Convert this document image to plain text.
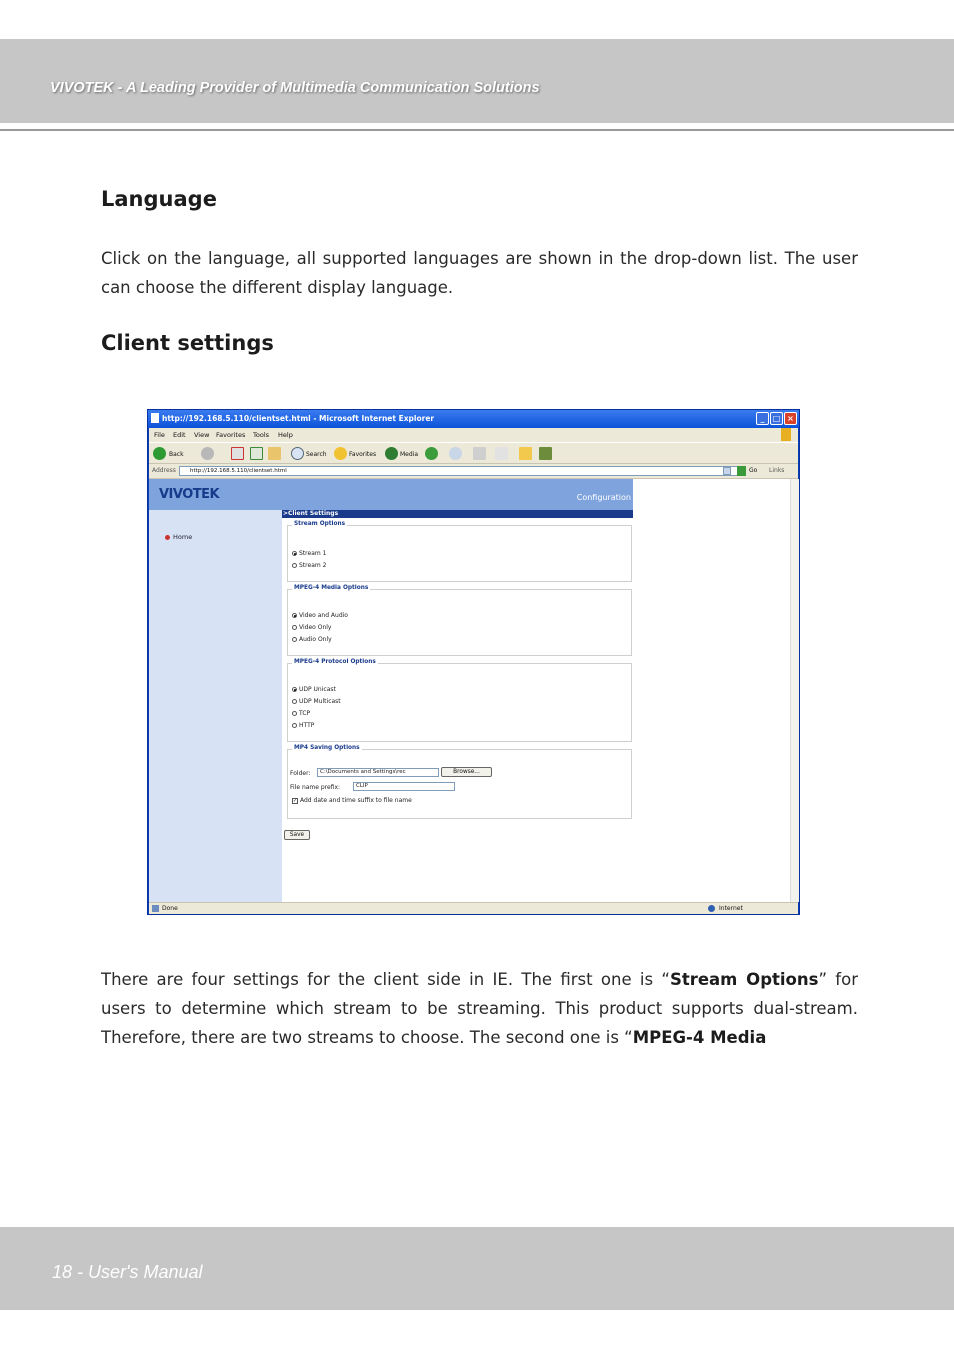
VIVOTEK - A Leading Provider of Multimedia Communication Solutions
Language

Click on the language, all supported languages are shown in the drop-down list. The user can choose the different display language.

Client settings
http://192.168.5.110/clientset.html - Microsoft Internet Explorer	_	□ ×
File Edit View Favorites Tools Help
Back	Search	Favorites	Media
Address	http://192.168.5.110/clientset.html	Go Links
VIVOTEK	Configuration
Home
>Client Settings
Stream Options
Stream 1
Stream 2
MPEG-4 Media Options
Video and Audio
Video Only
Audio Only
MPEG-4 Protocol Options
UDP Unicast
UDP Multicast
TCP
HTTP
MP4 Saving Options
Folder:	C:\Documents and Settings\rec	Browse...
File name prefix:	CLIP
✓ Add date and time suffix to file name
Save
Done	Internet

There are four settings for the client side in IE. The first one is “Stream Options” for users to determine which stream to be streaming. This product supports dual-stream. Therefore, there are two streams to choose. The second one is “MPEG-4 Media

18 - User's Manual
